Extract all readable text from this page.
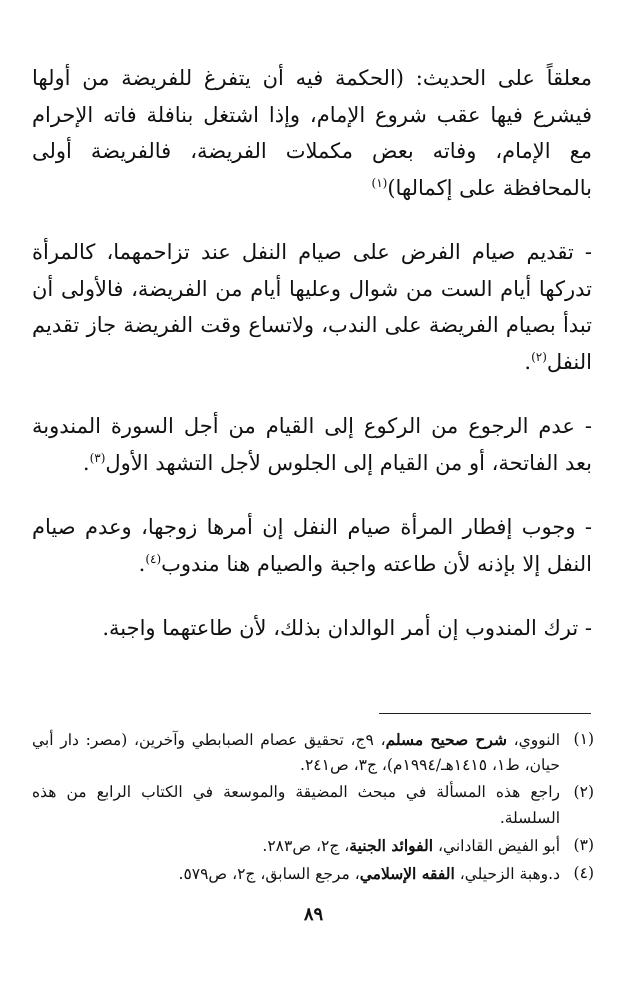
معلقاً على الحديث: (الحكمة فيه أن يتفرغ للفريضة من أولها فيشرع فيها عقب شروع الإمام، وإذا اشتغل بنافلة فاته الإحرام مع الإمام، وفاته بعض مكملات الفريضة، فالفريضة أولى بالمحافظة على إكمالها)$^{(١)}$

- تقديم صيام الفرض على صيام النفل عند تزاحمهما، كالمرأة تدركها أيام الست من شوال وعليها أيام من الفريضة، فالأولى أن تبدأ بصيام الفريضة على الندب، ولاتساع وقت الفريضة جاز تقديم النفل$^{(٢)}$.

- عدم الرجوع من الركوع إلى القيام من أجل السورة المندوبة بعد الفاتحة، أو من القيام إلى الجلوس لأجل التشهد الأول$^{(٣)}$.

- وجوب إفطار المرأة صيام النفل إن أمرها زوجها، وعدم صيام النفل إلا بإذنه لأن طاعته واجبة والصيام هنا مندوب$^{(٤)}$.

- ترك المندوب إن أمر الوالدان بذلك، لأن طاعتهما واجبة.

(١)
النووي، شرح صحيح مسلم، ٩ج، تحقيق عصام الصبابطي وآخرين، (مصر: دار أبي حيان، ط١، ١٤١٥هـ/١٩٩٤م)، ج٣، ص٢٤١.
(٢)
راجع هذه المسألة في مبحث المضيقة والموسعة في الكتاب الرابع من هذه السلسلة.
(٣)
أبو الفيض القاداني، الفوائد الجنية، ج٢، ص٢٨٣.
(٤)
د.وهبة الزحيلي، الفقه الإسلامي، مرجع السابق، ج٢، ص٥٧٩.
٨٩
